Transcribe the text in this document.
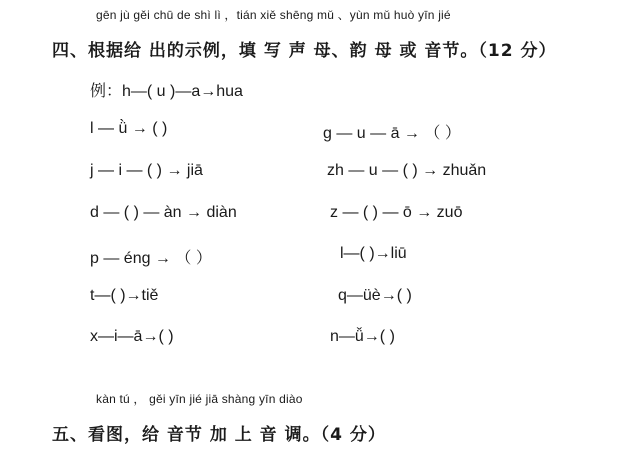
gēn jù gěi chū de shì lì ，tián xiě shēng mǔ 、yùn mǔ huò yīn jié
四、根据给 出的示例，填 写 声 母、韵 母 或 音节。（12 分）
例：h—( u )—a→hua
l — ǜ → ( )
j — i — ( ) → jiā
d — ( ) — àn → diàn
p — éng → （ ）
t—( )→tiě
x—i—ā→( )
g — u — ā → （ ）
zh — u — ( ) → zhuǎn
z — ( ) — ō → zuō
l—( )→liū
q—üè→( )
n—ǚ→( )
kàn tú ， gěi yīn jié jiā shàng yīn diào
五、看图，给 音节 加 上 音 调。（4 分）
